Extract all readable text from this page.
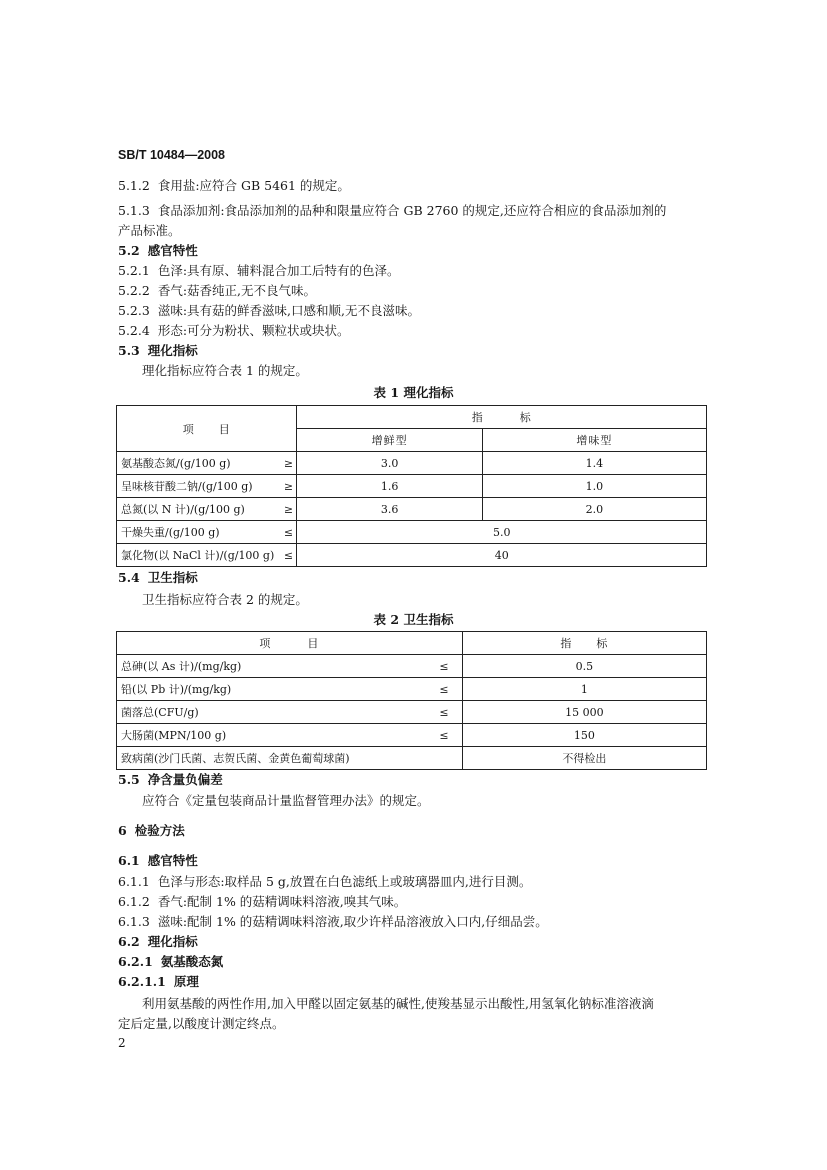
SB/T 10484—2008
5.1.2 食用盐:应符合 GB 5461 的规定。
5.1.3 食品添加剂:食品添加剂的品种和限量应符合 GB 2760 的规定,还应符合相应的食品添加剂的
产品标准。
5.2 感官特性
5.2.1 色泽:具有原、辅料混合加工后特有的色泽。
5.2.2 香气:菇香纯正,无不良气味。
5.2.3 滋味:具有菇的鲜香滋味,口感和顺,无不良滋味。
5.2.4 形态:可分为粉状、颗粒状或块状。
5.3 理化指标
理化指标应符合表 1 的规定。
表 1 理化指标
项　　目		指　　　标	
		增鲜型	增味型
氨基酸态氮/(g/100 g)	≥	3.0	1.4
呈味核苷酸二钠/(g/100 g)	≥	1.6	1.0
总氮(以 N 计)/(g/100 g)	≥	3.6	2.0
干燥失重/(g/100 g)	≤	5.0	
氯化物(以 NaCl 计)/(g/100 g)	≤	40	
5.4 卫生指标
卫生指标应符合表 2 的规定。
表 2 卫生指标
项　　　目		指　　标
总砷(以 As 计)/(mg/kg)	≤	0.5
铅(以 Pb 计)/(mg/kg)	≤	1
菌落总(CFU/g)	≤	15 000
大肠菌(MPN/100 g)	≤	150
致病菌(沙门氏菌、志贺氏菌、金黄色葡萄球菌)		不得检出
5.5 净含量负偏差
应符合《定量包装商品计量监督管理办法》的规定。
6 检验方法
6.1 感官特性
6.1.1 色泽与形态:取样品 5 g,放置在白色滤纸上或玻璃器皿内,进行目测。
6.1.2 香气:配制 1% 的菇精调味料溶液,嗅其气味。
6.1.3 滋味:配制 1% 的菇精调味料溶液,取少许样品溶液放入口内,仔细品尝。
6.2 理化指标
6.2.1 氨基酸态氮
6.2.1.1 原理
利用氨基酸的两性作用,加入甲醛以固定氨基的碱性,使羧基显示出酸性,用氢氧化钠标准溶液滴
定后定量,以酸度计测定终点。
2
